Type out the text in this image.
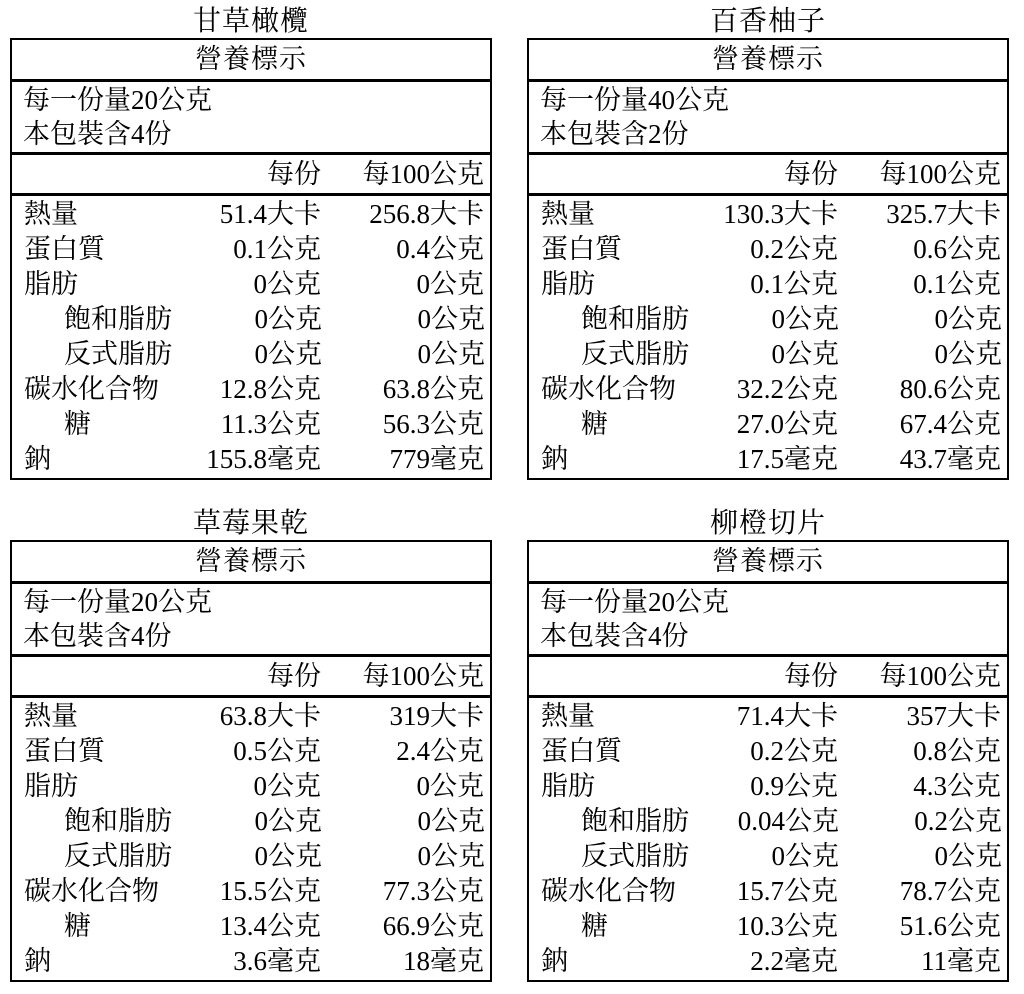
甘草橄欖
營養標示
每一份量20公克
本包裝含4份
每份	每100公克
熱量	51.4大卡	256.8大卡
蛋白質	0.1公克	0.4公克
脂肪	0公克	0公克
飽和脂肪	0公克	0公克
反式脂肪	0公克	0公克
碳水化合物	12.8公克	63.8公克
糖	11.3公克	56.3公克
鈉	155.8毫克	779毫克
百香柚子
營養標示
每一份量40公克
本包裝含2份
每份	每100公克
熱量	130.3大卡	325.7大卡
蛋白質	0.2公克	0.6公克
脂肪	0.1公克	0.1公克
飽和脂肪	0公克	0公克
反式脂肪	0公克	0公克
碳水化合物	32.2公克	80.6公克
糖	27.0公克	67.4公克
鈉	17.5毫克	43.7毫克
草莓果乾
營養標示
每一份量20公克
本包裝含4份
每份	每100公克
熱量	63.8大卡	319大卡
蛋白質	0.5公克	2.4公克
脂肪	0公克	0公克
飽和脂肪	0公克	0公克
反式脂肪	0公克	0公克
碳水化合物	15.5公克	77.3公克
糖	13.4公克	66.9公克
鈉	3.6毫克	18毫克
柳橙切片
營養標示
每一份量20公克
本包裝含4份
每份	每100公克
熱量	71.4大卡	357大卡
蛋白質	0.2公克	0.8公克
脂肪	0.9公克	4.3公克
飽和脂肪	0.04公克	0.2公克
反式脂肪	0公克	0公克
碳水化合物	15.7公克	78.7公克
糖	10.3公克	51.6公克
鈉	2.2毫克	11毫克
